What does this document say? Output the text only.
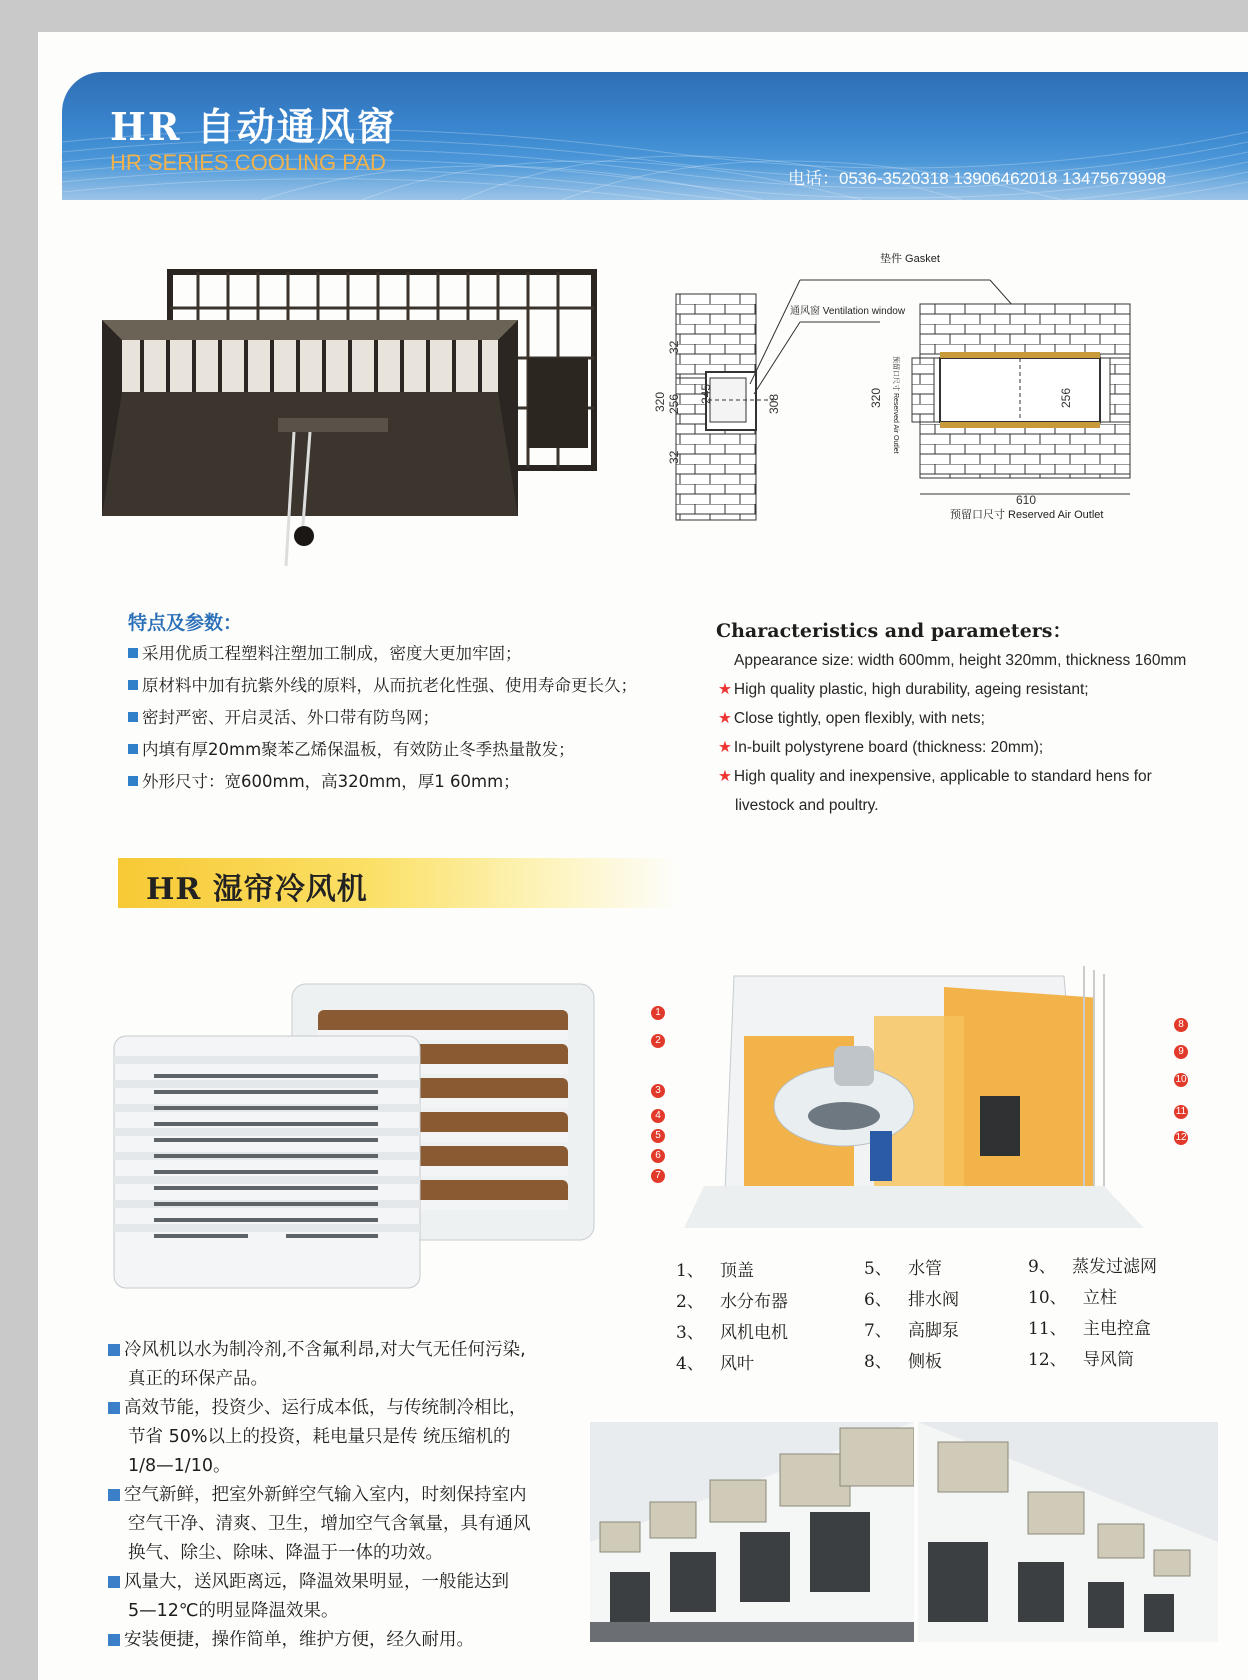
HR 自动通风窗
HR SERIES COOLING PAD
电话：0536-3520318 13906462018 13475679998
320 256
32
32
245	308
垫件 Gasket
通风窗 Ventilation window
320	256
预留口尺寸 Reserved Air Outlet
610
预留口尺寸 Reserved Air Outlet
特点及参数：
采用优质工程塑料注塑加工制成，密度大更加牢固；
原材料中加有抗紫外线的原料，从而抗老化性强、使用寿命更长久；
密封严密、开启灵活、外口带有防鸟网；
内填有厚20mm聚苯乙烯保温板，有效防止冬季热量散发；
外形尺寸：宽600mm，高320mm，厚1 60mm；
Characteristics and parameters：
Appearance size: width 600mm, height 320mm, thickness 160mm
★ High quality plastic, high durability, ageing resistant;
★ Close tightly, open flexibly, with nets;
★ In-built polystyrene board (thickness: 20mm);
★ High quality and inexpensive, applicable to standard hens for
livestock and poultry.
HR 湿帘冷风机
1
2
3
4
5
6
7
8
9
10
11
12
1、 顶盖
2、 水分布器
3、 风机电机
4、 风叶
5、 水管
6、 排水阀
7、 高脚泵
8、 侧板
9、 蒸发过滤网
10、 立柱
11、 主电控盒
12、 导风筒
冷风机以水为制冷剂,不含氟利昂,对大气无任何污染,
真正的环保产品。
高效节能，投资少、运行成本低，与传统制冷相比，
节省 50%以上的投资，耗电量只是传 统压缩机的
1/8—1/10。
空气新鲜，把室外新鲜空气输入室内，时刻保持室内
空气干净、清爽、卫生，增加空气含氧量，具有通风
换气、除尘、除味、降温于一体的功效。
风量大，送风距离远，降温效果明显，一般能达到
5—12℃的明显降温效果。
安装便捷，操作简单，维护方便，经久耐用。
